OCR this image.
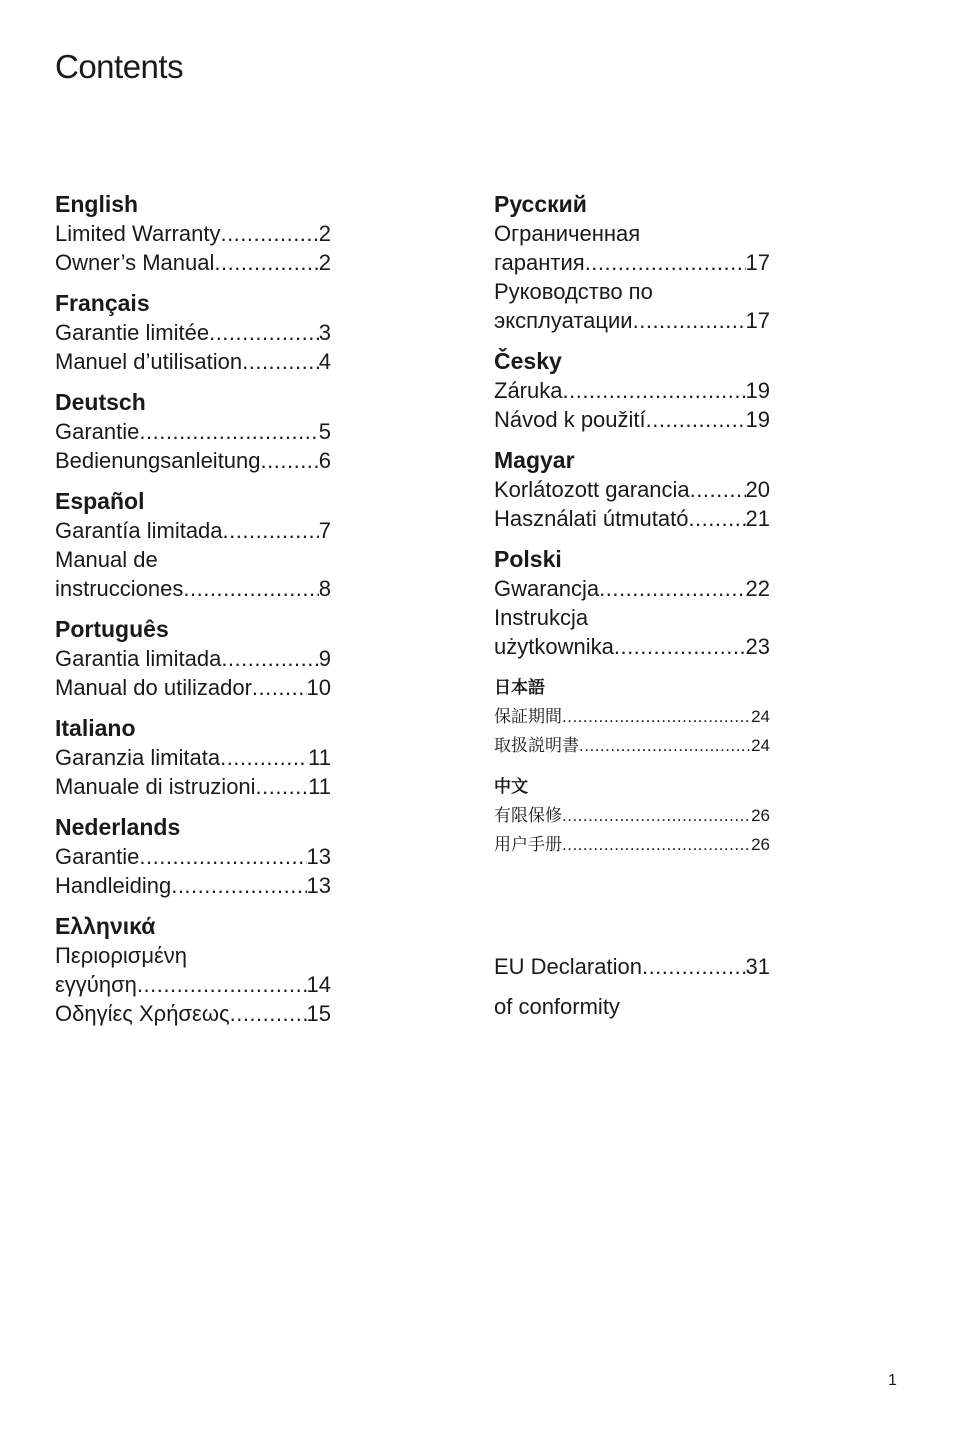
Contents
English
Limited Warranty .....	2
Owner’s Manual .....	2
Français
Garantie limitée .....	3
Manuel d’utilisation .....	4
Deutsch
Garantie .....	5
Bedienungsanleitung .....	6
Español
Garantía limitada .....	7
Manual de
instrucciones .....	8
Português
Garantia limitada .....	9
Manual do utilizador ..... 10
Italiano
Garanzia limitata .....	11
Manuale di istruzioni ..... 11
Nederlands
Garantie .....	13
Handleiding .....	13
Ελληνικά
Περιορισμένη
εγγύηση .....	14
Οδηγίες Χρήσεως .....	15
Русский
Ограниченная
гарантия .....	17
Руководство по
эксплуатации .....	17
Česky
Záruka .....	19
Návod k použití .....	19
Magyar
Korlátozott garancia .....	20
Használati útmutató .....	21
Polski
Gwarancja .....	22
Instrukcja
użytkownika .....	23
日本語
保証期間 .....	24
取扱説明書 .....	24
中文
有限保修 .....	26
用户手册 .....	26
EU Declaration .....	31
of conformity
1
